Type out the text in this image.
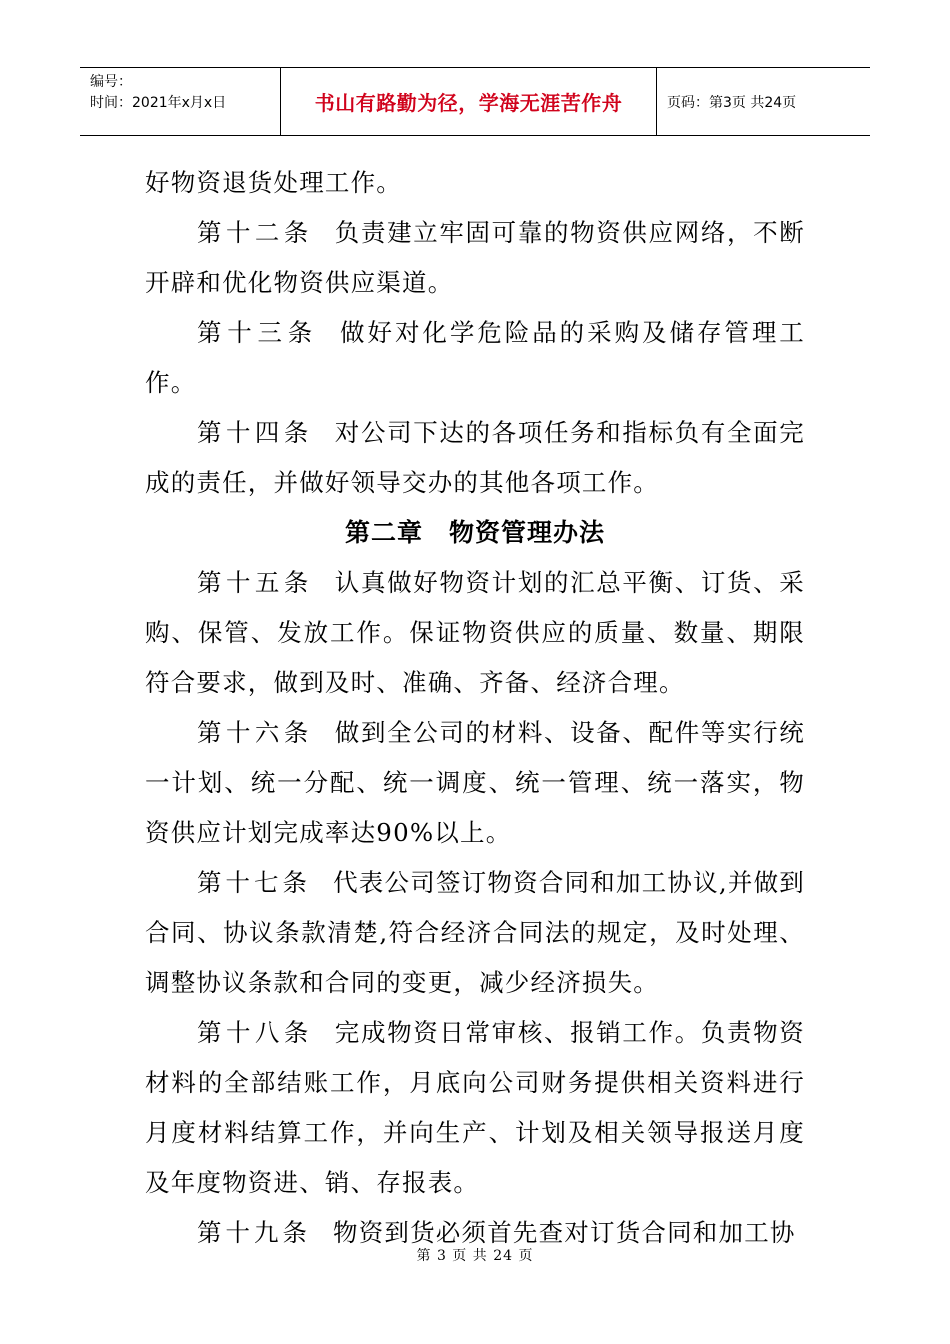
编号：
时间：2021年x月x日	书山有路勤为径，学海无涯苦作舟	页码：第3页 共24页

好物资退货处理工作。

第十二条 负责建立牢固可靠的物资供应网络，不断开辟和优化物资供应渠道。

第十三条 做好对化学危险品的采购及储存管理工作。

第十四条 对公司下达的各项任务和指标负有全面完成的责任，并做好领导交办的其他各项工作。

第二章　物资管理办法

第十五条 认真做好物资计划的汇总平衡、订货、采购、保管、发放工作。保证物资供应的质量、数量、期限符合要求，做到及时、准确、齐备、经济合理。

第十六条 做到全公司的材料、设备、配件等实行统一计划、统一分配、统一调度、统一管理、统一落实，物资供应计划完成率达90%以上。

第十七条 代表公司签订物资合同和加工协议,并做到合同、协议条款清楚,符合经济合同法的规定，及时处理、调整协议条款和合同的变更，减少经济损失。

第十八条 完成物资日常审核、报销工作。负责物资材料的全部结账工作，月底向公司财务提供相关资料进行月度材料结算工作，并向生产、计划及相关领导报送月度及年度物资进、销、存报表。

第十九条 物资到货必须首先查对订货合同和加工协

第 3 页 共 24 页
